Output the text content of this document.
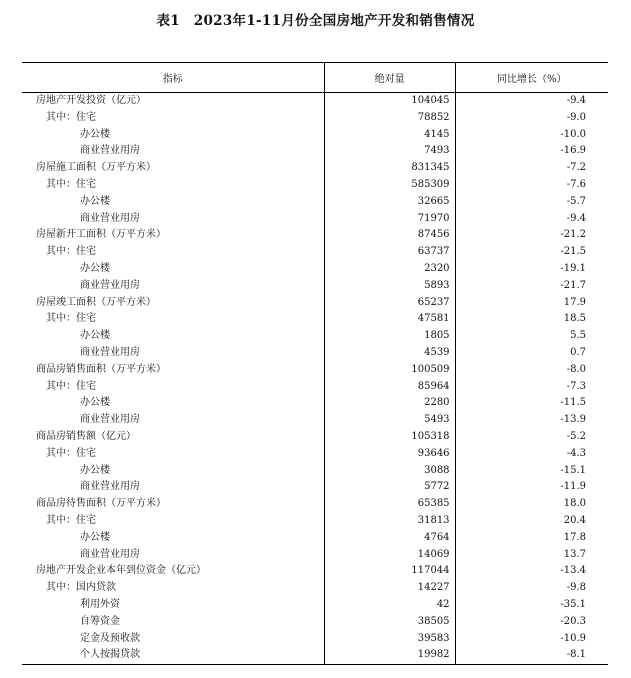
表1　2023年1-11月份全国房地产开发和销售情况
指标	绝对量	同比增长（%）
房地产开发投资（亿元）	104045	-9.4
其中：住宅	78852	-9.0
办公楼	4145	-10.0
商业营业用房	7493	-16.9
房屋施工面积（万平方米）	831345	-7.2
其中：住宅	585309	-7.6
办公楼	32665	-5.7
商业营业用房	71970	-9.4
房屋新开工面积（万平方米）	87456	-21.2
其中：住宅	63737	-21.5
办公楼	2320	-19.1
商业营业用房	5893	-21.7
房屋竣工面积（万平方米）	65237	17.9
其中：住宅	47581	18.5
办公楼	1805	5.5
商业营业用房	4539	0.7
商品房销售面积（万平方米）	100509	-8.0
其中：住宅	85964	-7.3
办公楼	2280	-11.5
商业营业用房	5493	-13.9
商品房销售额（亿元）	105318	-5.2
其中：住宅	93646	-4.3
办公楼	3088	-15.1
商业营业用房	5772	-11.9
商品房待售面积（万平方米）	65385	18.0
其中：住宅	31813	20.4
办公楼	4764	17.8
商业营业用房	14069	13.7
房地产开发企业本年到位资金（亿元）	117044	-13.4
其中：国内贷款	14227	-9.8
利用外资	42	-35.1
自筹资金	38505	-20.3
定金及预收款	39583	-10.9
个人按揭贷款	19982	-8.1
